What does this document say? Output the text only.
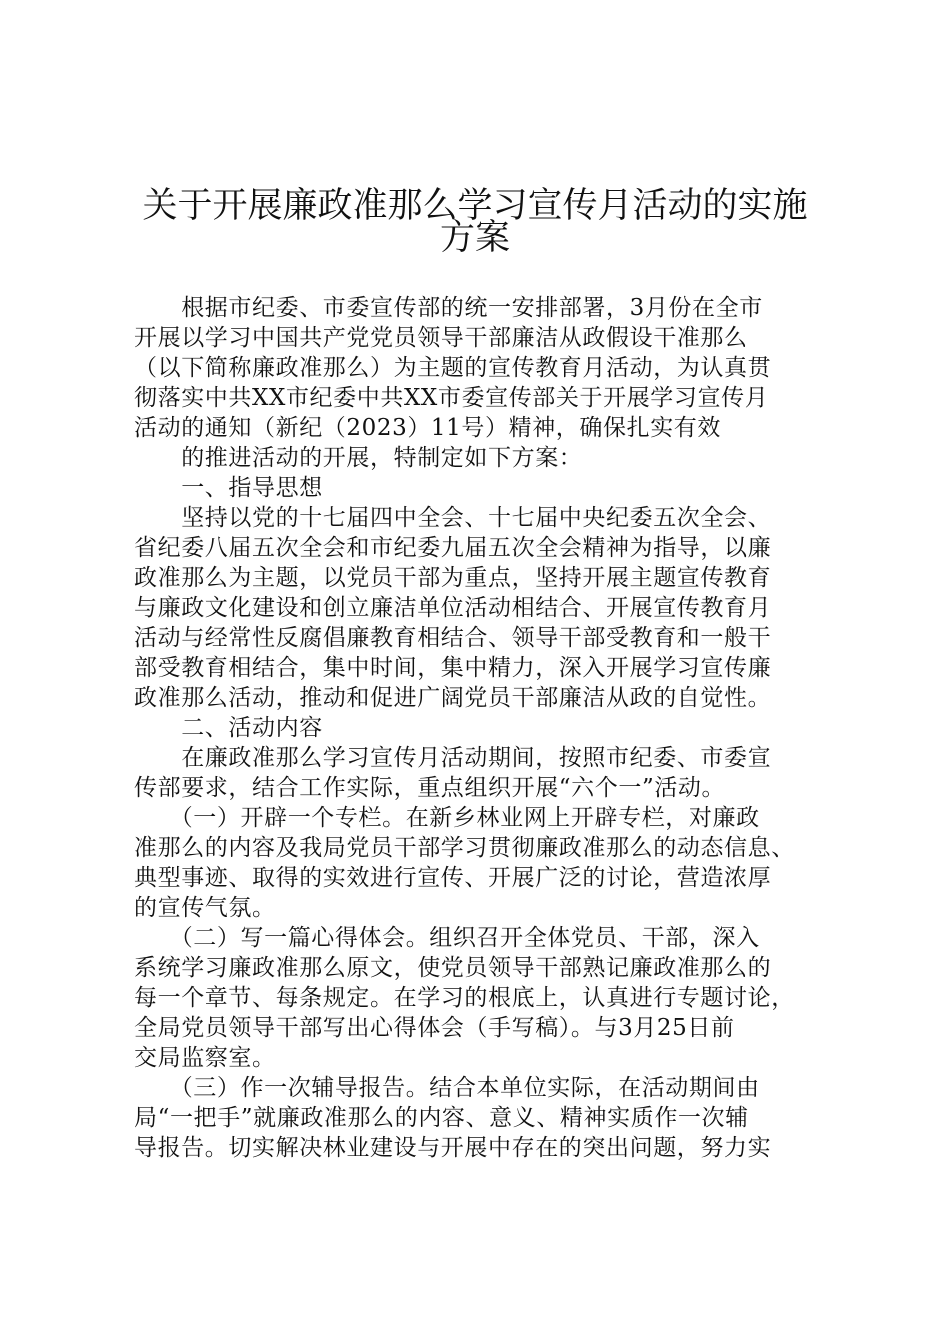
关于开展廉政准那么学习宣传月活动的实施
方案
　　根据市纪委、市委宣传部的统一安排部署，3月份在全市
开展以学习中国共产党党员领导干部廉洁从政假设干准那么
（以下简称廉政准那么）为主题的宣传教育月活动，为认真贯
彻落实中共XX市纪委中共XX市委宣传部关于开展学习宣传月
活动的通知（新纪（2023）11号）精神，确保扎实有效
　　的推进活动的开展，特制定如下方案：
　　一、指导思想
　　坚持以党的十七届四中全会、十七届中央纪委五次全会、
省纪委八届五次全会和市纪委九届五次全会精神为指导，以廉
政准那么为主题，以党员干部为重点，坚持开展主题宣传教育
与廉政文化建设和创立廉洁单位活动相结合、开展宣传教育月
活动与经常性反腐倡廉教育相结合、领导干部受教育和一般干
部受教育相结合，集中时间，集中精力，深入开展学习宣传廉
政准那么活动，推动和促进广阔党员干部廉洁从政的自觉性。
　　二、活动内容
　　在廉政准那么学习宣传月活动期间，按照市纪委、市委宣
传部要求，结合工作实际，重点组织开展“六个一”活动。
　　（一）开辟一个专栏。在新乡林业网上开辟专栏，对廉政
准那么的内容及我局党员干部学习贯彻廉政准那么的动态信息、
典型事迹、取得的实效进行宣传、开展广泛的讨论，营造浓厚
的宣传气氛。
　　（二）写一篇心得体会。组织召开全体党员、干部，深入
系统学习廉政准那么原文，使党员领导干部熟记廉政准那么的
每一个章节、每条规定。在学习的根底上，认真进行专题讨论，
全局党员领导干部写出心得体会（手写稿）。与3月25日前
交局监察室。
　　（三）作一次辅导报告。结合本单位实际，在活动期间由
局“一把手”就廉政准那么的内容、意义、精神实质作一次辅
导报告。切实解决林业建设与开展中存在的突出问题，努力实
